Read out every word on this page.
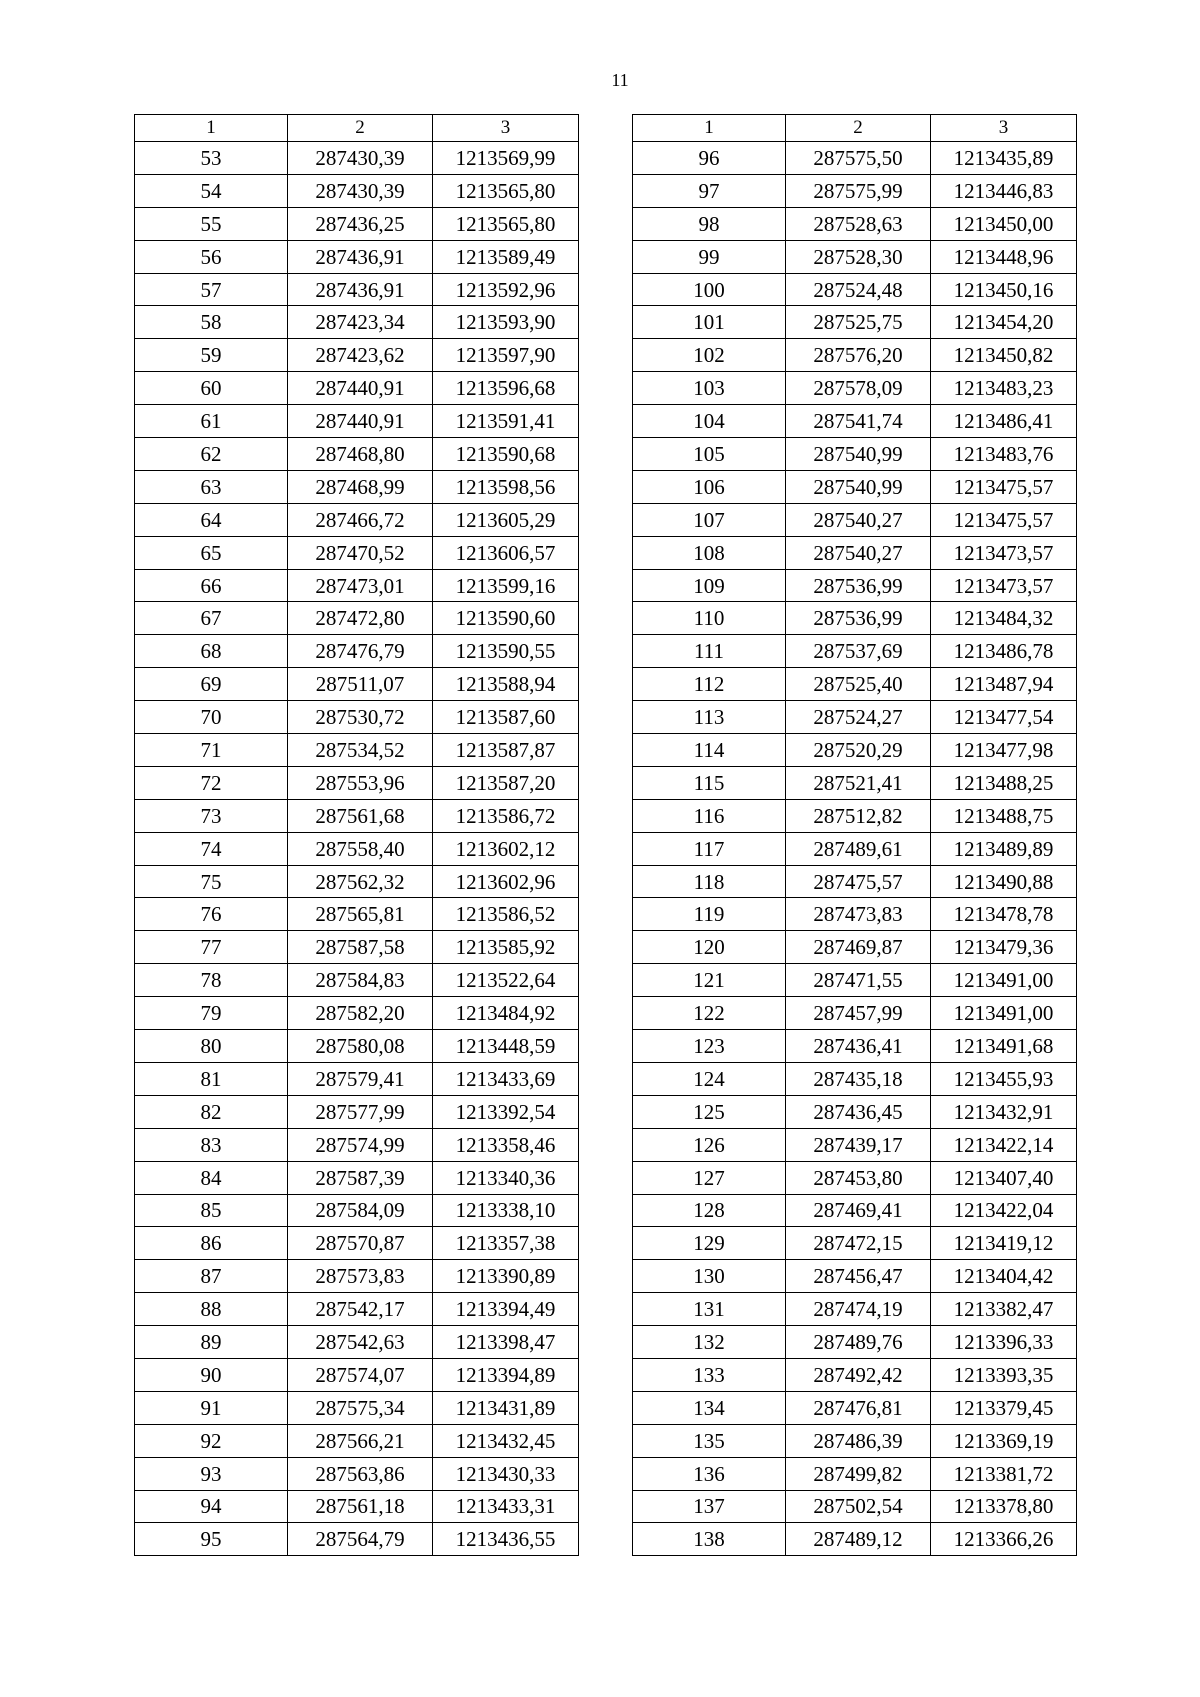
11
1	2	3
53	287430,39	1213569,99
54	287430,39	1213565,80
55	287436,25	1213565,80
56	287436,91	1213589,49
57	287436,91	1213592,96
58	287423,34	1213593,90
59	287423,62	1213597,90
60	287440,91	1213596,68
61	287440,91	1213591,41
62	287468,80	1213590,68
63	287468,99	1213598,56
64	287466,72	1213605,29
65	287470,52	1213606,57
66	287473,01	1213599,16
67	287472,80	1213590,60
68	287476,79	1213590,55
69	287511,07	1213588,94
70	287530,72	1213587,60
71	287534,52	1213587,87
72	287553,96	1213587,20
73	287561,68	1213586,72
74	287558,40	1213602,12
75	287562,32	1213602,96
76	287565,81	1213586,52
77	287587,58	1213585,92
78	287584,83	1213522,64
79	287582,20	1213484,92
80	287580,08	1213448,59
81	287579,41	1213433,69
82	287577,99	1213392,54
83	287574,99	1213358,46
84	287587,39	1213340,36
85	287584,09	1213338,10
86	287570,87	1213357,38
87	287573,83	1213390,89
88	287542,17	1213394,49
89	287542,63	1213398,47
90	287574,07	1213394,89
91	287575,34	1213431,89
92	287566,21	1213432,45
93	287563,86	1213430,33
94	287561,18	1213433,31
95	287564,79	1213436,55
1	2	3
96	287575,50	1213435,89
97	287575,99	1213446,83
98	287528,63	1213450,00
99	287528,30	1213448,96
100	287524,48	1213450,16
101	287525,75	1213454,20
102	287576,20	1213450,82
103	287578,09	1213483,23
104	287541,74	1213486,41
105	287540,99	1213483,76
106	287540,99	1213475,57
107	287540,27	1213475,57
108	287540,27	1213473,57
109	287536,99	1213473,57
110	287536,99	1213484,32
111	287537,69	1213486,78
112	287525,40	1213487,94
113	287524,27	1213477,54
114	287520,29	1213477,98
115	287521,41	1213488,25
116	287512,82	1213488,75
117	287489,61	1213489,89
118	287475,57	1213490,88
119	287473,83	1213478,78
120	287469,87	1213479,36
121	287471,55	1213491,00
122	287457,99	1213491,00
123	287436,41	1213491,68
124	287435,18	1213455,93
125	287436,45	1213432,91
126	287439,17	1213422,14
127	287453,80	1213407,40
128	287469,41	1213422,04
129	287472,15	1213419,12
130	287456,47	1213404,42
131	287474,19	1213382,47
132	287489,76	1213396,33
133	287492,42	1213393,35
134	287476,81	1213379,45
135	287486,39	1213369,19
136	287499,82	1213381,72
137	287502,54	1213378,80
138	287489,12	1213366,26
